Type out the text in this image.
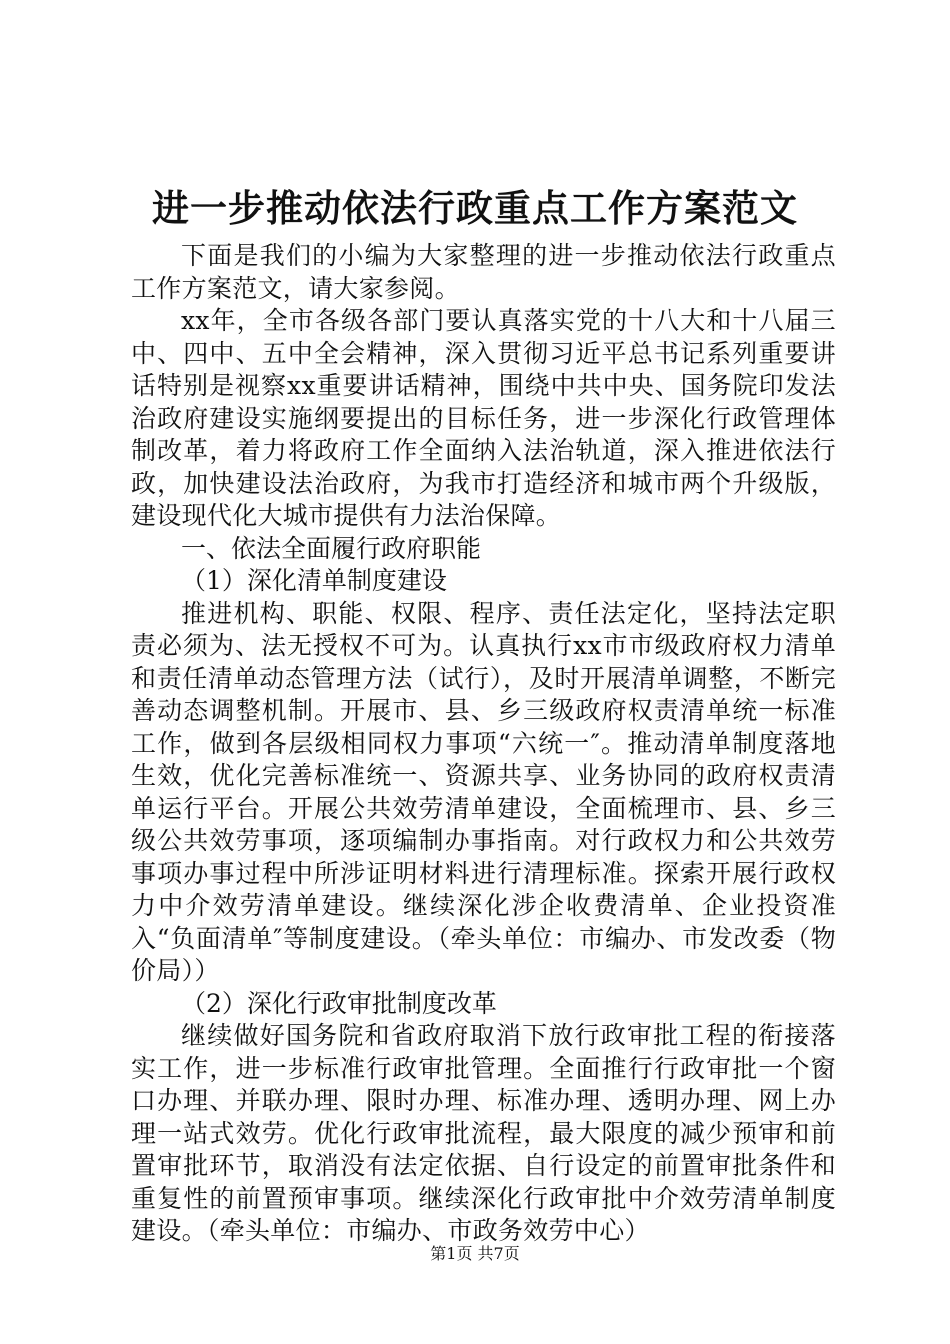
进一步推动依法行政重点工作方案范文

下面是我们的小编为大家整理的进一步推动依法行政重点工作方案范文，请大家参阅。

xx年，全市各级各部门要认真落实党的十八大和十八届三中、四中、五中全会精神，深入贯彻习近平总书记系列重要讲话特别是视察xx重要讲话精神，围绕中共中央、国务院印发法治政府建设实施纲要提出的目标任务，进一步深化行政管理体制改革，着力将政府工作全面纳入法治轨道，深入推进依法行政，加快建设法治政府，为我市打造经济和城市两个升级版，建设现代化大城市提供有力法治保障。

一、依法全面履行政府职能

（1）深化清单制度建设

推进机构、职能、权限、程序、责任法定化，坚持法定职责必须为、法无授权不可为。认真执行xx市市级政府权力清单和责任清单动态管理方法（试行），及时开展清单调整，不断完善动态调整机制。开展市、县、乡三级政府权责清单统一标准工作，做到各层级相同权力事项“六统一″。推动清单制度落地生效，优化完善标准统一、资源共享、业务协同的政府权责清单运行平台。开展公共效劳清单建设，全面梳理市、县、乡三级公共效劳事项，逐项编制办事指南。对行政权力和公共效劳事项办事过程中所涉证明材料进行清理标准。探索开展行政权力中介效劳清单建设。继续深化涉企收费清单、企业投资准入“负面清单″等制度建设。（牵头单位：市编办、市发改委（物价局））

（2）深化行政审批制度改革

继续做好国务院和省政府取消下放行政审批工程的衔接落实工作，进一步标准行政审批管理。全面推行行政审批一个窗口办理、并联办理、限时办理、标准办理、透明办理、网上办理一站式效劳。优化行政审批流程，最大限度的减少预审和前置审批环节，取消没有法定依据、自行设定的前置审批条件和重复性的前置预审事项。继续深化行政审批中介效劳清单制度建设。（牵头单位：市编办、市政务效劳中心）

第1页 共7页
